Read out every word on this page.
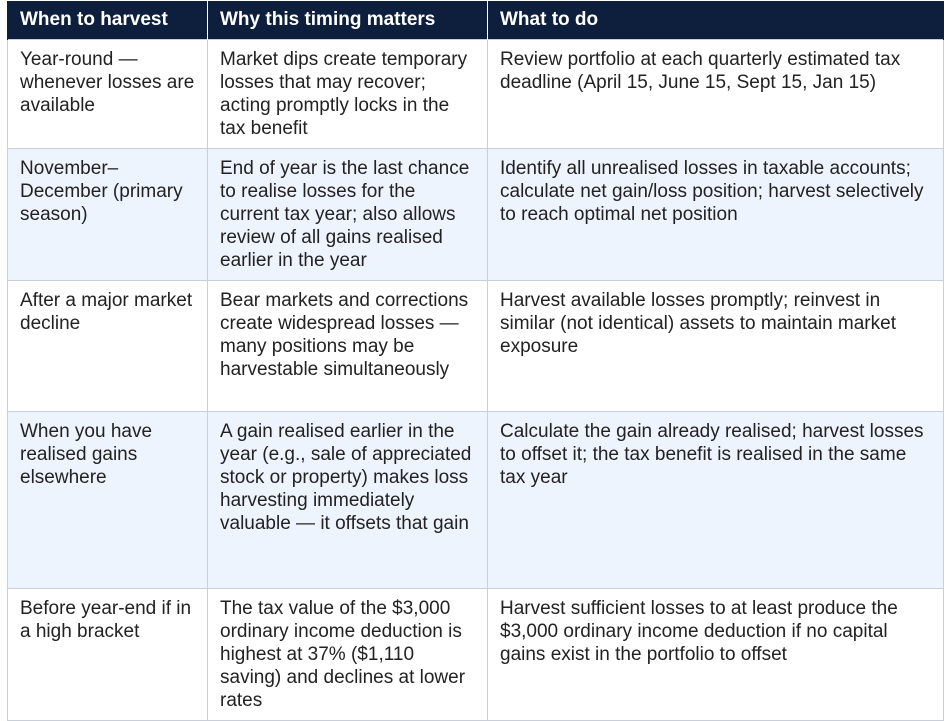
When to harvest	Why this timing matters	What to do
Year-round — whenever losses are available	Market dips create temporary losses that may recover; acting promptly locks in the tax benefit	Review portfolio at each quarterly estimated tax deadline (April 15, June 15, Sept 15, Jan 15)
November–December (primary season)	End of year is the last chance to realise losses for the current tax year; also allows review of all gains realised earlier in the year	Identify all unrealised losses in taxable accounts; calculate net gain/loss position; harvest selectively to reach optimal net position
After a major market decline	Bear markets and corrections create widespread losses — many positions may be harvestable simultaneously	Harvest available losses promptly; reinvest in similar (not identical) assets to maintain market exposure
When you have realised gains elsewhere	A gain realised earlier in the year (e.g., sale of appreciated stock or property) makes loss harvesting immediately valuable — it offsets that gain	Calculate the gain already realised; harvest losses to offset it; the tax benefit is realised in the same tax year
Before year-end if in a high bracket	The tax value of the $3,000 ordinary income deduction is highest at 37% ($1,110 saving) and declines at lower rates	Harvest sufficient losses to at least produce the $3,000 ordinary income deduction if no capital gains exist in the portfolio to offset
